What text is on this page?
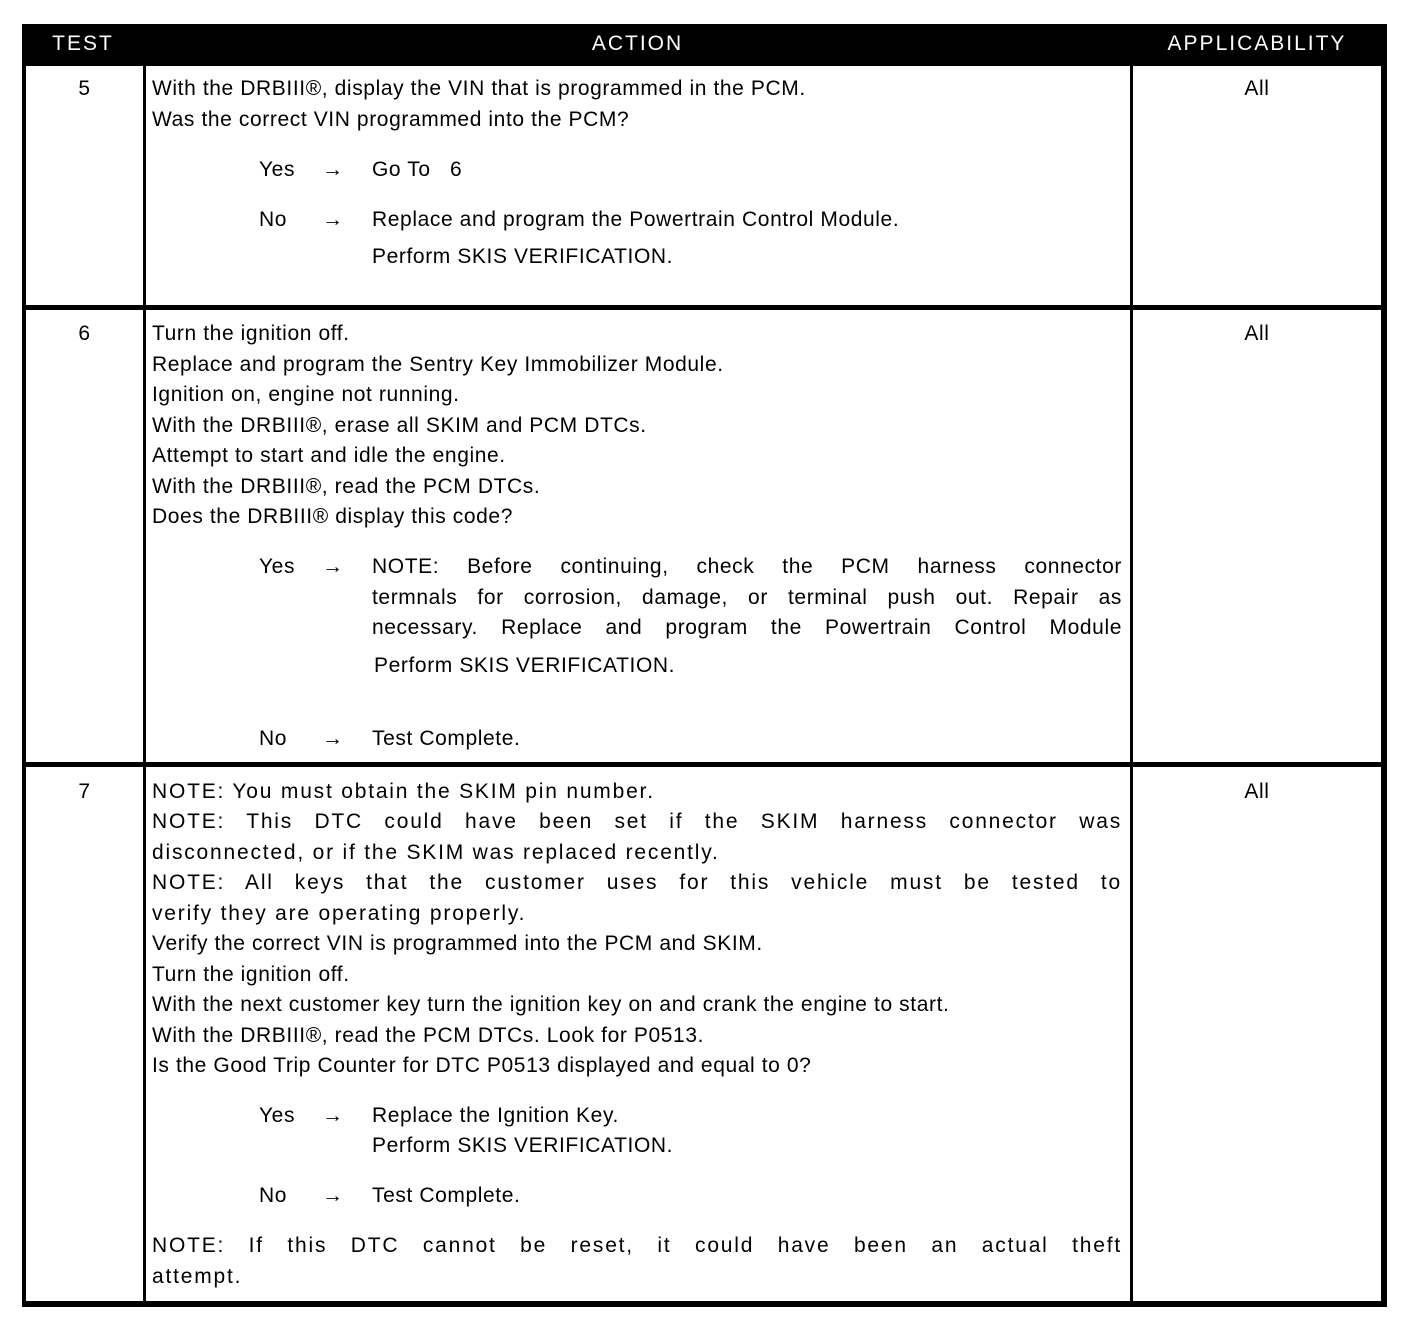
TEST	ACTION	APPLICABILITY
5	With the DRBIII®, display the VIN that is programmed in the PCM.
Was the correct VIN programmed into the PCM?
Yes → Go To   6
No → Replace and program the Powertrain Control Module.
Perform SKIS VERIFICATION.
All
6	Turn the ignition off.
Replace and program the Sentry Key Immobilizer Module.
Ignition on, engine not running.
With the DRBIII®, erase all SKIM and PCM DTCs.
Attempt to start and idle the engine.
With the DRBIII®, read the PCM DTCs.
Does the DRBIII® display this code?
Yes → NOTE: Before continuing, check the PCM harness connector
termnals for corrosion, damage, or terminal push out. Repair as
necessary. Replace and program the Powertrain Control Module
Perform SKIS VERIFICATION.
No → Test Complete.
All
7	NOTE: You must obtain the SKIM pin number.
NOTE: This DTC could have been set if the SKIM harness connector was
disconnected, or if the SKIM was replaced recently.
NOTE: All keys that the customer uses for this vehicle must be tested to
verify they are operating properly.
Verify the correct VIN is programmed into the PCM and SKIM.
Turn the ignition off.
With the next customer key turn the ignition key on and crank the engine to start.
With the DRBIII®, read the PCM DTCs. Look for P0513.
Is the Good Trip Counter for DTC P0513 displayed and equal to 0?
Yes → Replace the Ignition Key.
Perform SKIS VERIFICATION.
No → Test Complete.
NOTE: If this DTC cannot be reset, it could have been an actual theft
attempt.
All
